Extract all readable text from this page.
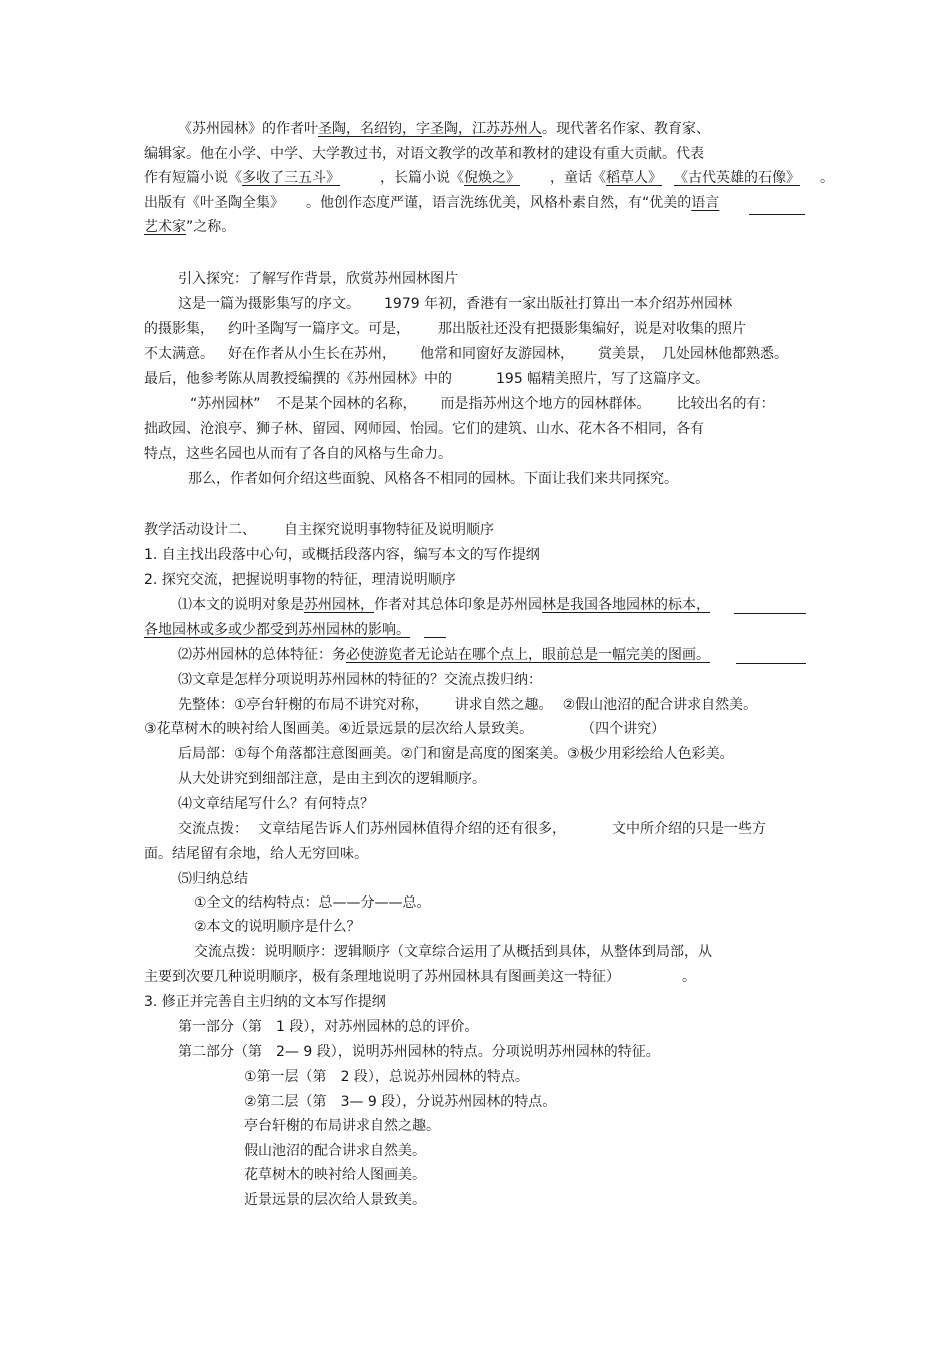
《苏州园林》的作者叶圣陶，名绍钧，字圣陶，江苏苏州人。现代著名作家、教育家、
编辑家。他在小学、中学、大学教过书，对语文教学的改革和教材的建设有重大贡献。代表
作有短篇小说《多收了三五斗》	，长篇小说《倪焕之》 ，童话《稻草人》 《古代英雄的石像》 。
出版有《叶圣陶全集》 。他创作态度严谨，语言洗练优美，风格朴素自然，有“优美的语言
艺术家”之称。
引入探究：了解写作背景，欣赏苏州园林图片
这是一篇为摄影集写的序文。 1979 年初，香港有一家出版社打算出一本介绍苏州园林
的摄影集， 约叶圣陶写一篇序文。可是， 那出版社还没有把摄影集编好，说是对收集的照片
不太满意。 好在作者从小生长在苏州， 他常和同窗好友游园林， 赏美景， 几处园林他都熟悉。
最后，他参考陈从周教授编撰的《苏州园林》中的	195 幅精美照片，写了这篇序文。
“苏州园林” 不是某个园林的名称， 而是指苏州这个地方的园林群体。 比较出名的有：
拙政园、沧浪亭、狮子林、留园、网师园、怡园。它们的建筑、山水、花木各不相同，各有
特点，这些名园也从而有了各自的风格与生命力。
那么，作者如何介绍这些面貌、风格各不相同的园林。下面让我们来共同探究。
教学活动设计二、 自主探究说明事物特征及说明顺序
1. 自主找出段落中心句，或概括段落内容，编写本文的写作提纲
2. 探究交流，把握说明事物的特征，理清说明顺序
⑴本文的说明对象是苏州园林，作者对其总体印象是苏州园林是我国各地园林的标本，
各地园林或多或少都受到苏州园林的影响。
⑵苏州园林的总体特征：务必使游览者无论站在哪个点上，眼前总是一幅完美的图画。
⑶文章是怎样分项说明苏州园林的特征的？交流点拨归纳：
先整体：①亭台轩榭的布局不讲究对称， 讲求自然之趣。 ②假山池沼的配合讲求自然美。
③花草树木的映衬给人图画美。④近景远景的层次给人景致美。	（四个讲究）
后局部：①每个角落都注意图画美。②门和窗是高度的图案美。③极少用彩绘给人色彩美。
从大处讲究到细部注意，是由主到次的逻辑顺序。
⑷文章结尾写什么？有何特点？
交流点拨： 文章结尾告诉人们苏州园林值得介绍的还有很多，	文中所介绍的只是一些方
面。结尾留有余地，给人无穷回味。
⑸归纳总结
①全文的结构特点：总——分——总。
②本文的说明顺序是什么？
交流点拨：说明顺序：逻辑顺序（文章综合运用了从概括到具体，从整体到局部，从
主要到次要几种说明顺序，极有条理地说明了苏州园林具有图画美这一特征）	。
3. 修正并完善自主归纳的文本写作提纲
第一部分（第 1 段），对苏州园林的总的评价。
第二部分（第 2— 9 段），说明苏州园林的特点。分项说明苏州园林的特征。
①第一层（第 2 段），总说苏州园林的特点。
②第二层（第 3— 9 段），分说苏州园林的特点。
亭台轩榭的布局讲求自然之趣。
假山池沼的配合讲求自然美。
花草树木的映衬给人图画美。
近景远景的层次给人景致美。
